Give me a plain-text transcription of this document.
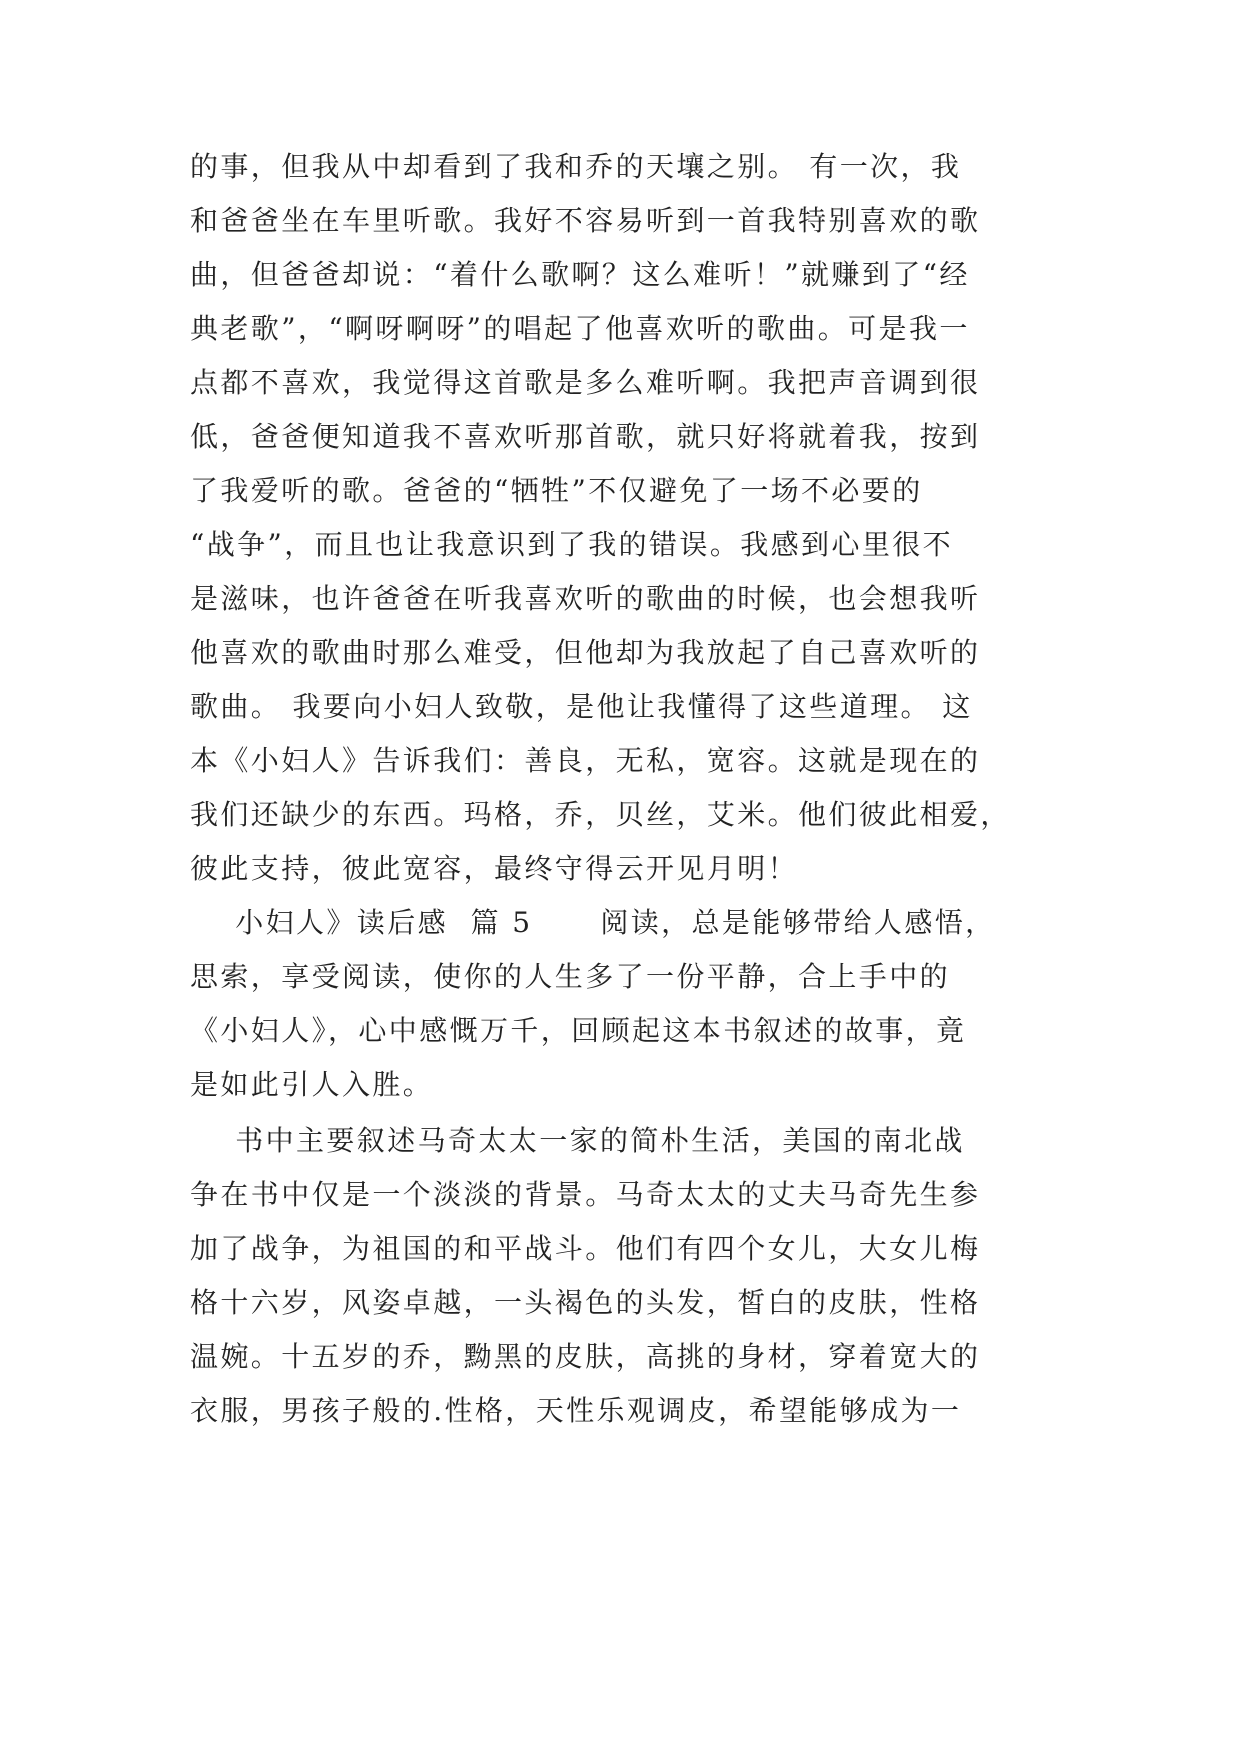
的事，但我从中却看到了我和乔的天壤之别。 有一次，我

和爸爸坐在车里听歌。我好不容易听到一首我特别喜欢的歌

曲，但爸爸却说：“着什么歌啊？这么难听！”就赚到了“经

典老歌”，“啊呀啊呀”的唱起了他喜欢听的歌曲。可是我一

点都不喜欢，我觉得这首歌是多么难听啊。我把声音调到很

低，爸爸便知道我不喜欢听那首歌，就只好将就着我，按到

了我爱听的歌。爸爸的“牺牲”不仅避免了一场不必要的

“战争”，而且也让我意识到了我的错误。我感到心里很不

是滋味，也许爸爸在听我喜欢听的歌曲的时候，也会想我听

他喜欢的歌曲时那么难受，但他却为我放起了自己喜欢听的

歌曲。 我要向小妇人致敬，是他让我懂得了这些道理。 这

本《小妇人》告诉我们：善良，无私，宽容。这就是现在的

我们还缺少的东西。玛格，乔，贝丝，艾米。他们彼此相爱，

彼此支持，彼此宽容，最终守得云开见月明！

小妇人》读后感  篇 5      阅读，总是能够带给人感悟，

思索，享受阅读，使你的人生多了一份平静，合上手中的

《小妇人》，心中感慨万千，回顾起这本书叙述的故事，竟

是如此引人入胜。

书中主要叙述马奇太太一家的简朴生活，美国的南北战

争在书中仅是一个淡淡的背景。马奇太太的丈夫马奇先生参

加了战争，为祖国的和平战斗。他们有四个女儿，大女儿梅

格十六岁，风姿卓越，一头褐色的头发，皙白的皮肤，性格

温婉。十五岁的乔，黝黑的皮肤，高挑的身材，穿着宽大的

衣服，男孩子般的.性格，天性乐观调皮，希望能够成为一
